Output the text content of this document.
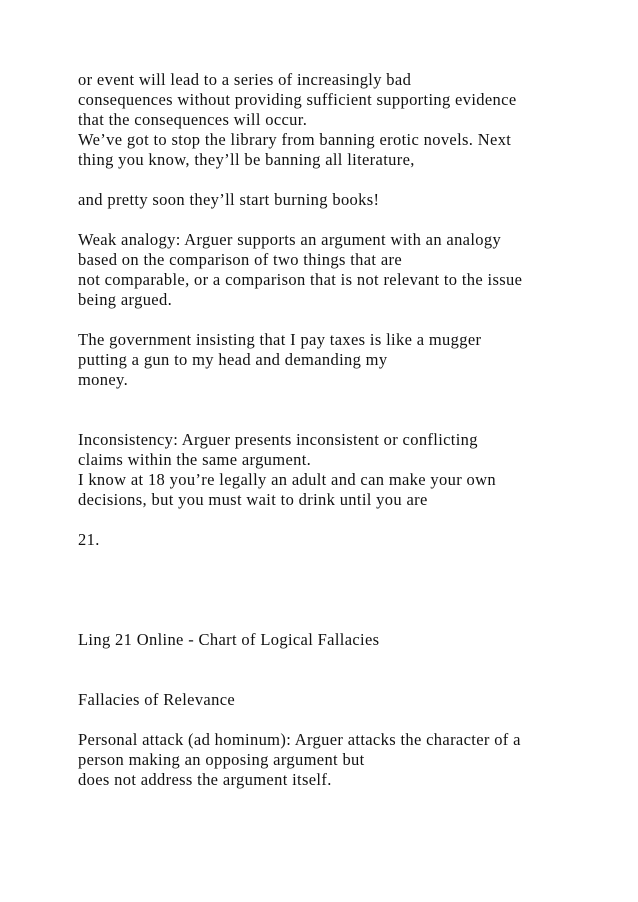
or event will lead to a series of increasingly bad

consequences without providing sufficient supporting evidence

that the consequences will occur.

We’ve got to stop the library from banning erotic novels. Next

thing you know, they’ll be banning all literature,

and pretty soon they’ll start burning books!

Weak analogy: Arguer supports an argument with an analogy

based on the comparison of two things that are

not comparable, or a comparison that is not relevant to the issue

being argued.

The government insisting that I pay taxes is like a mugger

putting a gun to my head and demanding my

money.

Inconsistency: Arguer presents inconsistent or conflicting

claims within the same argument.

I know at 18 you’re legally an adult and can make your own

decisions, but you must wait to drink until you are

21.

Ling 21 Online - Chart of Logical Fallacies

Fallacies of Relevance

Personal attack (ad hominum): Arguer attacks the character of a

person making an opposing argument but

does not address the argument itself.
